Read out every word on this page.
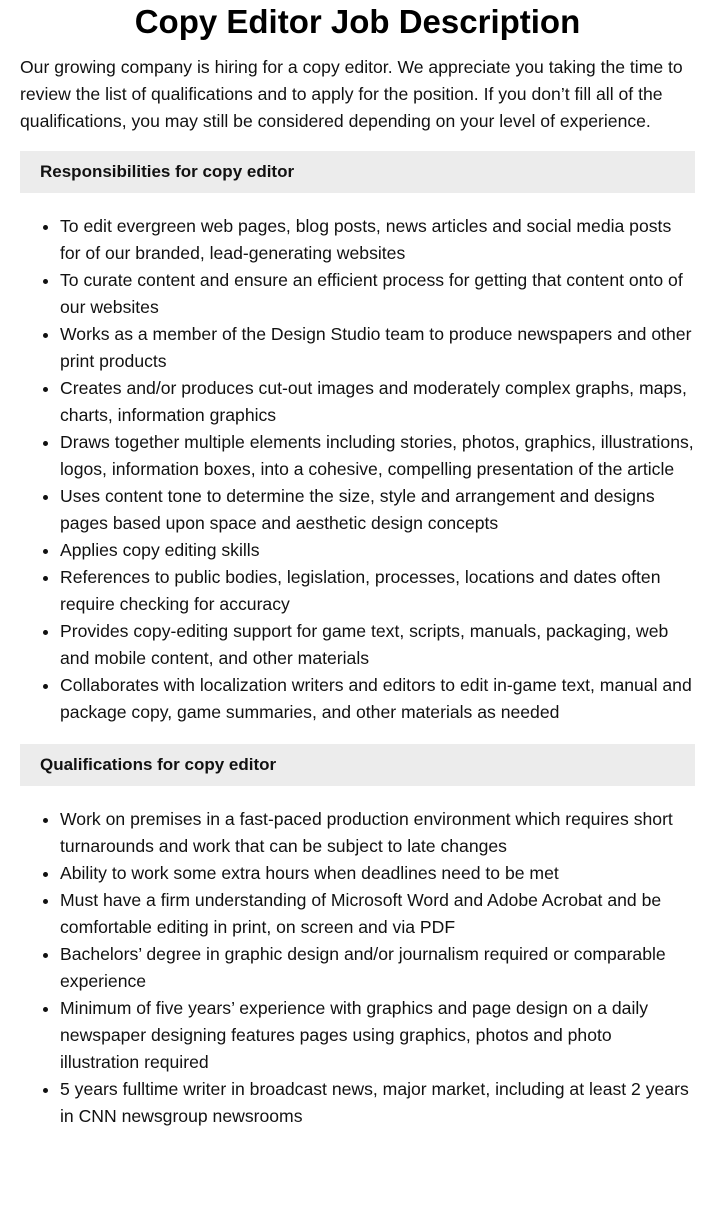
Copy Editor Job Description

Our growing company is hiring for a copy editor. We appreciate you taking the time to review the list of qualifications and to apply for the position. If you don’t fill all of the qualifications, you may still be considered depending on your level of experience.

Responsibilities for copy editor
• To edit evergreen web pages, blog posts, news articles and social media posts for of our branded, lead-generating websites
• To curate content and ensure an efficient process for getting that content onto of our websites
• Works as a member of the Design Studio team to produce newspapers and other print products
• Creates and/or produces cut-out images and moderately complex graphs, maps, charts, information graphics
• Draws together multiple elements including stories, photos, graphics, illustrations, logos, information boxes, into a cohesive, compelling presentation of the article
• Uses content tone to determine the size, style and arrangement and designs pages based upon space and aesthetic design concepts
• Applies copy editing skills
• References to public bodies, legislation, processes, locations and dates often require checking for accuracy
• Provides copy-editing support for game text, scripts, manuals, packaging, web and mobile content, and other materials
• Collaborates with localization writers and editors to edit in-game text, manual and package copy, game summaries, and other materials as needed
Qualifications for copy editor
• Work on premises in a fast-paced production environment which requires short turnarounds and work that can be subject to late changes
• Ability to work some extra hours when deadlines need to be met
• Must have a firm understanding of Microsoft Word and Adobe Acrobat and be comfortable editing in print, on screen and via PDF
• Bachelors’ degree in graphic design and/or journalism required or comparable experience
• Minimum of five years’ experience with graphics and page design on a daily newspaper designing features pages using graphics, photos and photo illustration required
• 5 years fulltime writer in broadcast news, major market, including at least 2 years in CNN newsgroup newsrooms
